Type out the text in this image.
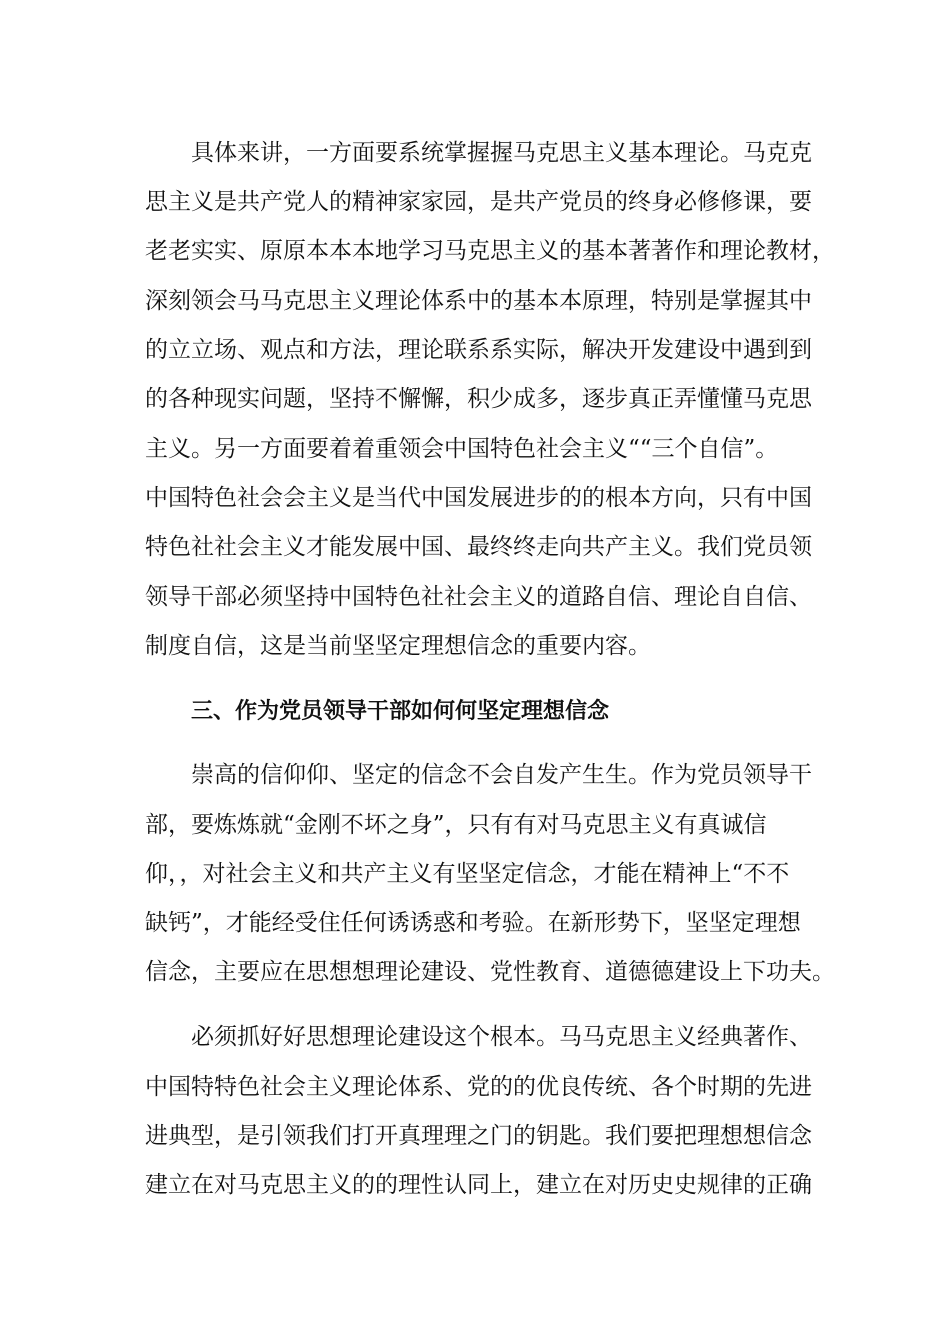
具体来讲，一方面要系统掌握握马克思主义基本理论。马克克
思主义是共产党人的精神家家园，是共产党员的终身必修修课，要
老老实实、原原本本本地学习马克思主义的基本著著作和理论教材，
深刻领会马马克思主义理论体系中的基本本原理，特别是掌握其中
的立立场、观点和方法，理论联系系实际，解决开发建设中遇到到
的各种现实问题，坚持不懈懈，积少成多，逐步真正弄懂懂马克思
主义。另一方面要着着重领会中国特色社会主义““三个自信”。
中国特色社会会主义是当代中国发展进步的的根本方向，只有中国
特色社社会主义才能发展中国、最终终走向共产主义。我们党员领
领导干部必须坚持中国特色社社会主义的道路自信、理论自自信、
制度自信，这是当前坚坚定理想信念的重要内容。
三、作为党员领导干部如何何坚定理想信念
崇高的信仰仰、坚定的信念不会自发产生生。作为党员领导干
部，要炼炼就“金刚不坏之身”，只有有对马克思主义有真诚信
仰，，对社会主义和共产主义有坚坚定信念，才能在精神上“不不
缺钙”，才能经受住任何诱诱惑和考验。在新形势下，坚坚定理想
信念，主要应在思想想理论建设、党性教育、道德德建设上下功夫。
必须抓好好思想理论建设这个根本。马马克思主义经典著作、
中国特特色社会主义理论体系、党的的优良传统、各个时期的先进
进典型，是引领我们打开真理理之门的钥匙。我们要把理想想信念
建立在对马克思主义的的理性认同上，建立在对历史史规律的正确
